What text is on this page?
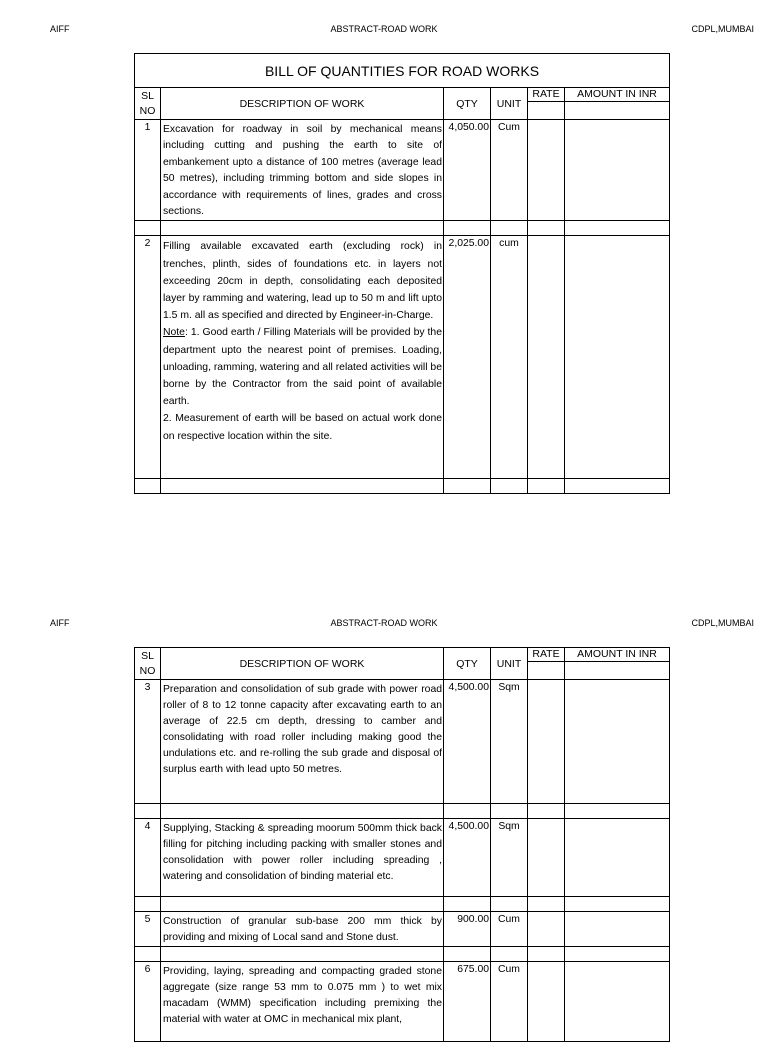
AIFF	ABSTRACT-ROAD WORK	CDPL,MUMBAI
BILL OF QUANTITIES FOR ROAD WORKS					
SL NO	DESCRIPTION OF WORK	QTY	UNIT	RATE	AMOUNT IN INR

1	Excavation for roadway in soil by mechanical means including cutting and pushing the earth to site of embankement upto a distance of 100 metres (average lead 50 metres), including trimming bottom and side slopes in accordance with requirements of lines, grades and cross sections.	4,050.00	Cum		

2	Filling available excavated earth (excluding rock) in trenches, plinth, sides of foundations etc. in layers not exceeding 20cm in depth, consolidating each deposited layer by ramming and watering, lead up to 50 m and lift upto 1.5 m. all as specified and directed by Engineer-in-Charge.

Note: 1. Good earth / Filling Materials will be provided by the department upto the nearest point of premises. Loading, unloading, ramming, watering and all related activities will be borne by the Contractor from the said point of available earth.

2. Measurement of earth will be based on actual work done on respective location within the site.	2,025.00	cum		

AIFF	ABSTRACT-ROAD WORK	CDPL,MUMBAI
SL NO	DESCRIPTION OF WORK	QTY	UNIT	RATE	AMOUNT IN INR

3	Preparation and consolidation of sub grade with power road roller of 8 to 12 tonne capacity after excavating earth to an average of 22.5 cm depth, dressing to camber and consolidating with road roller including making good the undulations etc. and re-rolling the sub grade and disposal of surplus earth with lead upto 50 metres.	4,500.00	Sqm		

4	Supplying, Stacking & spreading moorum 500mm thick back filling for pitching including packing with smaller stones and consolidation with power roller including spreading , watering and consolidation of binding material etc.	4,500.00	Sqm		

5	Construction of granular sub-base 200 mm thick by providing and mixing of Local sand and Stone dust.	900.00	Cum		

6	Providing, laying, spreading and compacting graded stone aggregate (size range 53 mm to 0.075 mm ) to wet mix macadam (WMM) specification including premixing the material with water at OMC in mechanical mix plant,	675.00	Cum		
